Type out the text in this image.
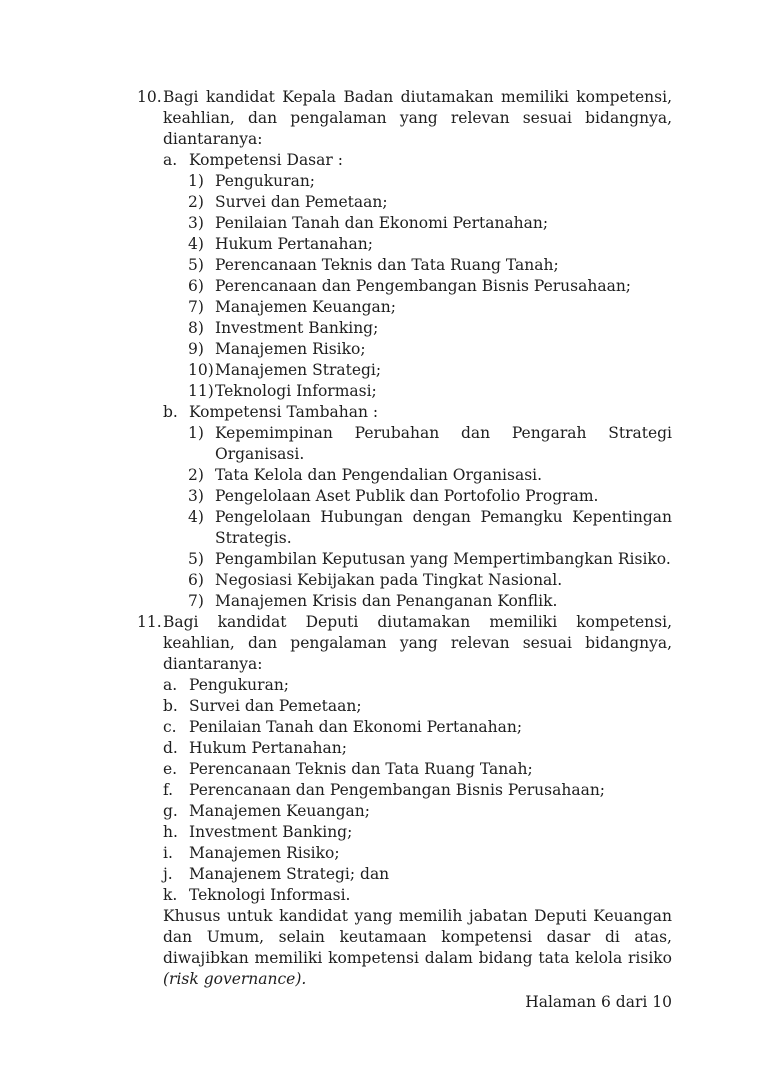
10. Bagi kandidat Kepala Badan diutamakan memiliki kompetensi, keahlian, dan pengalaman yang relevan sesuai bidangnya, diantaranya:
a. Kompetensi Dasar :
1) Pengukuran;
2) Survei dan Pemetaan;
3) Penilaian Tanah dan Ekonomi Pertanahan;
4) Hukum Pertanahan;
5) Perencanaan Teknis dan Tata Ruang Tanah;
6) Perencanaan dan Pengembangan Bisnis Perusahaan;
7) Manajemen Keuangan;
8) Investment Banking;
9) Manajemen Risiko;
10) Manajemen Strategi;
11) Teknologi Informasi;
b. Kompetensi Tambahan :
1) Kepemimpinan Perubahan dan Pengarah Strategi Organisasi.
2) Tata Kelola dan Pengendalian Organisasi.
3) Pengelolaan Aset Publik dan Portofolio Program.
4) Pengelolaan Hubungan dengan Pemangku Kepentingan Strategis.
5) Pengambilan Keputusan yang Mempertimbangkan Risiko.
6) Negosiasi Kebijakan pada Tingkat Nasional.
7) Manajemen Krisis dan Penanganan Konflik.
11. Bagi kandidat Deputi diutamakan memiliki kompetensi, keahlian, dan pengalaman yang relevan sesuai bidangnya, diantaranya:
a. Pengukuran;
b. Survei dan Pemetaan;
c. Penilaian Tanah dan Ekonomi Pertanahan;
d. Hukum Pertanahan;
e. Perencanaan Teknis dan Tata Ruang Tanah;
f.	Perencanaan dan Pengembangan Bisnis Perusahaan;
g. Manajemen Keuangan;
h. Investment Banking;
i.	Manajemen Risiko;
j.	Manajenem Strategi; dan
k. Teknologi Informasi.
Khusus untuk kandidat yang memilih jabatan Deputi Keuangan dan Umum, selain keutamaan kompetensi dasar di atas, diwajibkan memiliki kompetensi dalam bidang tata kelola risiko (risk governance).
Halaman 6 dari 10
